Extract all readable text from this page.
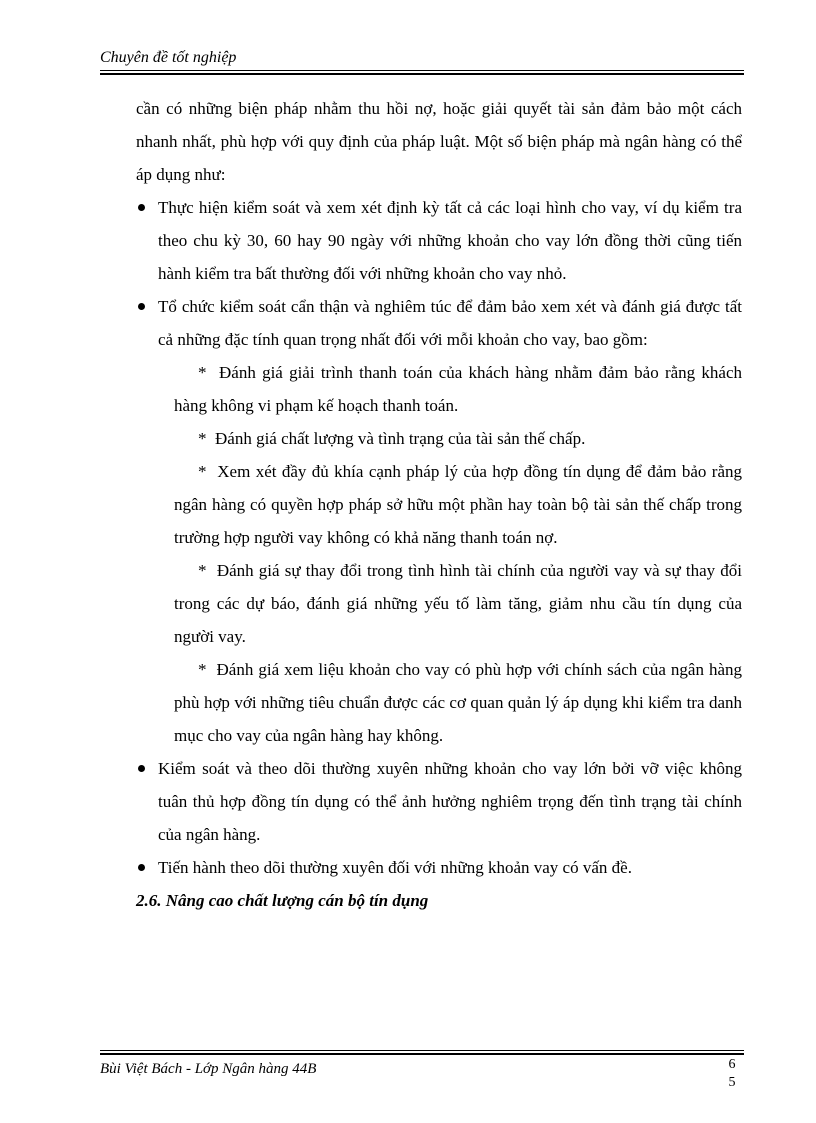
Chuyên đề tốt nghiệp

cần có những biện pháp nhằm thu hồi nợ, hoặc giải quyết tài sản đảm bảo một cách nhanh nhất, phù hợp với quy định của pháp luật. Một số biện pháp mà ngân hàng có thể áp dụng như:

Thực hiện kiểm soát và xem xét định kỳ tất cả các loại hình cho vay, ví dụ kiểm tra theo chu kỳ 30, 60 hay 90 ngày với những khoản cho vay lớn đồng thời cũng tiến hành kiểm tra bất thường đối với những khoản cho vay nhỏ.
Tổ chức kiểm soát cẩn thận và nghiêm túc để đảm bảo xem xét và đánh giá được tất cả những đặc tính quan trọng nhất đối với mỗi khoản cho vay, bao gồm:
* Đánh giá giải trình thanh toán của khách hàng nhằm đảm bảo rằng khách hàng không vi phạm kế hoạch thanh toán.
* Đánh giá chất lượng và tình trạng của tài sản thế chấp.
* Xem xét đầy đủ khía cạnh pháp lý của hợp đồng tín dụng để đảm bảo rằng ngân hàng có quyền hợp pháp sở hữu một phần hay toàn bộ tài sản thế chấp trong trường hợp người vay không có khả năng thanh toán nợ.
* Đánh giá sự thay đổi trong tình hình tài chính của người vay và sự thay đổi trong các dự báo, đánh giá những yếu tố làm tăng, giảm nhu cầu tín dụng của người vay.
* Đánh giá xem liệu khoản cho vay có phù hợp với chính sách của ngân hàng phù hợp với những tiêu chuẩn được các cơ quan quản lý áp dụng khi kiểm tra danh mục cho vay của ngân hàng hay không.
Kiểm soát và theo dõi thường xuyên những khoản cho vay lớn bởi vỡ việc không tuân thủ hợp đồng tín dụng có thể ảnh hưởng nghiêm trọng đến tình trạng tài chính của ngân hàng.
Tiến hành theo dõi thường xuyên đối với những khoản vay có vấn đề.

2.6. Nâng cao chất lượng cán bộ tín dụng

Bùi Việt Bách - Lớp Ngân hàng 44B	6
5
